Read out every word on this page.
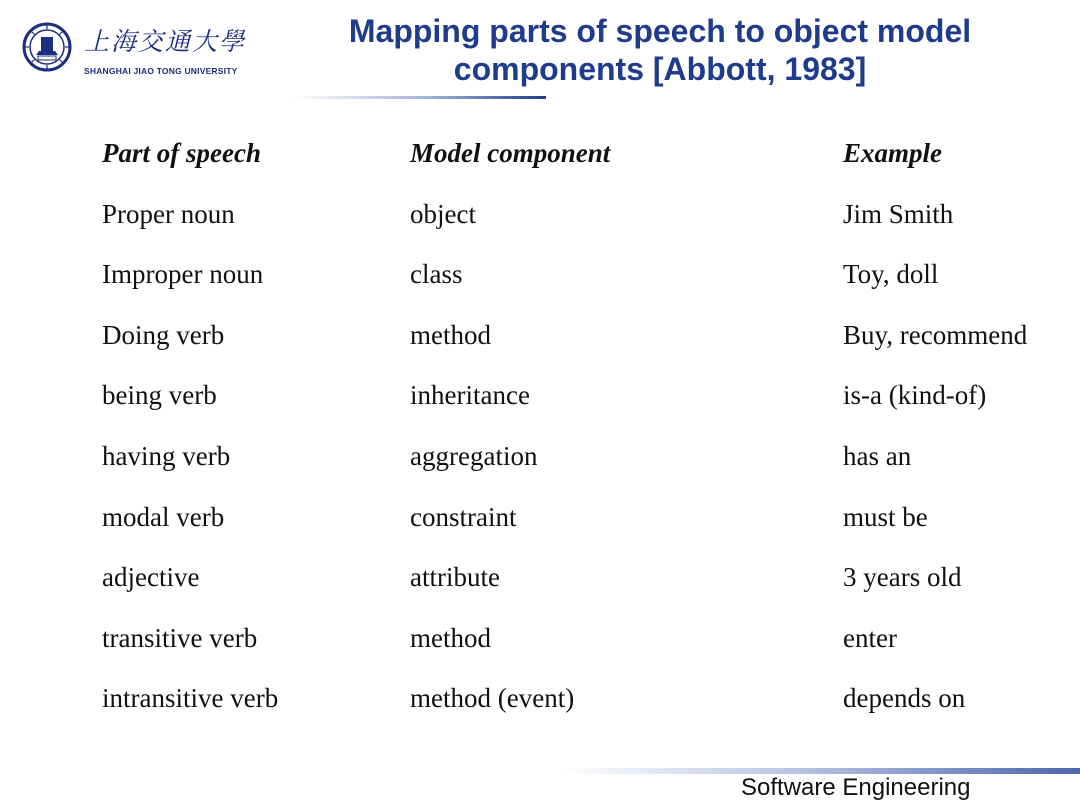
上海交通大學
SHANGHAI JIAO TONG UNIVERSITY
Mapping parts of speech to object model
components [Abbott, 1983]
Part of speech	Model component	Example
Proper noun	object	Jim Smith
Improper noun	class	Toy, doll
Doing verb	method	Buy, recommend
being verb	inheritance	is-a (kind-of)
having verb	aggregation	has an
modal verb	constraint	must be
adjective	attribute	3 years old
transitive verb	method	enter
intransitive verb	method (event)	depends on
Software Engineering
